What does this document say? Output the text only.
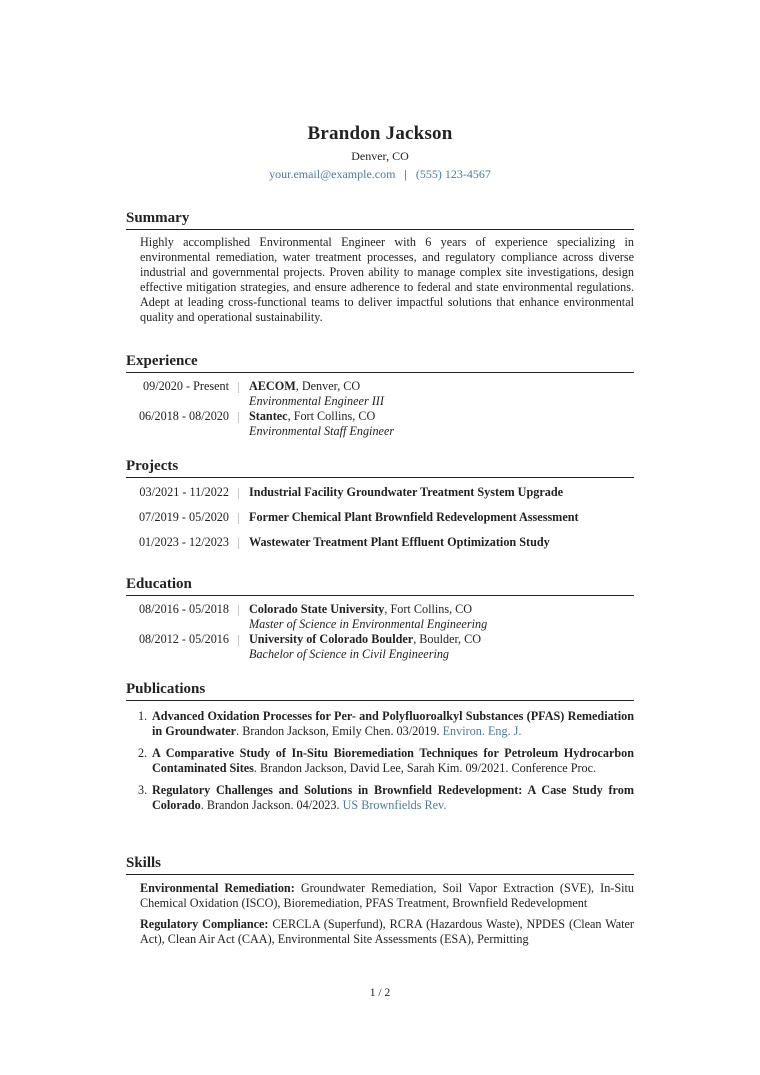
Brandon Jackson
Denver, CO
your.email@example.com | (555) 123-4567
Summary
Highly accomplished Environmental Engineer with 6 years of experience specializing in environmental remediation, water treatment processes, and regulatory compliance across diverse industrial and governmental projects. Proven ability to manage complex site investigations, design effective mitigation strategies, and ensure adherence to federal and state environmental regulations. Adept at leading cross-functional teams to deliver impactful solutions that enhance environmental quality and operational sustainability.
Experience
09/2020 - Present	AECOM, Denver, CO
Environmental Engineer III
06/2018 - 08/2020	Stantec, Fort Collins, CO
Environmental Staff Engineer
Projects
03/2021 - 11/2022	Industrial Facility Groundwater Treatment System Upgrade
07/2019 - 05/2020	Former Chemical Plant Brownfield Redevelopment Assessment
01/2023 - 12/2023	Wastewater Treatment Plant Effluent Optimization Study
Education
08/2016 - 05/2018	Colorado State University, Fort Collins, CO
Master of Science in Environmental Engineering
08/2012 - 05/2016	University of Colorado Boulder, Boulder, CO
Bachelor of Science in Civil Engineering
Publications
1. Advanced Oxidation Processes for Per- and Polyfluoroalkyl Substances (PFAS) Remediation in Groundwater. Brandon Jackson, Emily Chen. 03/2019. Environ. Eng. J.
2. A Comparative Study of In-Situ Bioremediation Techniques for Petroleum Hydrocarbon Contaminated Sites. Brandon Jackson, David Lee, Sarah Kim. 09/2021. Conference Proc.
3. Regulatory Challenges and Solutions in Brownfield Redevelopment: A Case Study from Colorado. Brandon Jackson. 04/2023. US Brownfields Rev.
Skills
Environmental Remediation: Groundwater Remediation, Soil Vapor Extraction (SVE), In-Situ Chemical Oxidation (ISCO), Bioremediation, PFAS Treatment, Brownfield Redevelopment
Regulatory Compliance: CERCLA (Superfund), RCRA (Hazardous Waste), NPDES (Clean Water Act), Clean Air Act (CAA), Environmental Site Assessments (ESA), Permitting
1 / 2
